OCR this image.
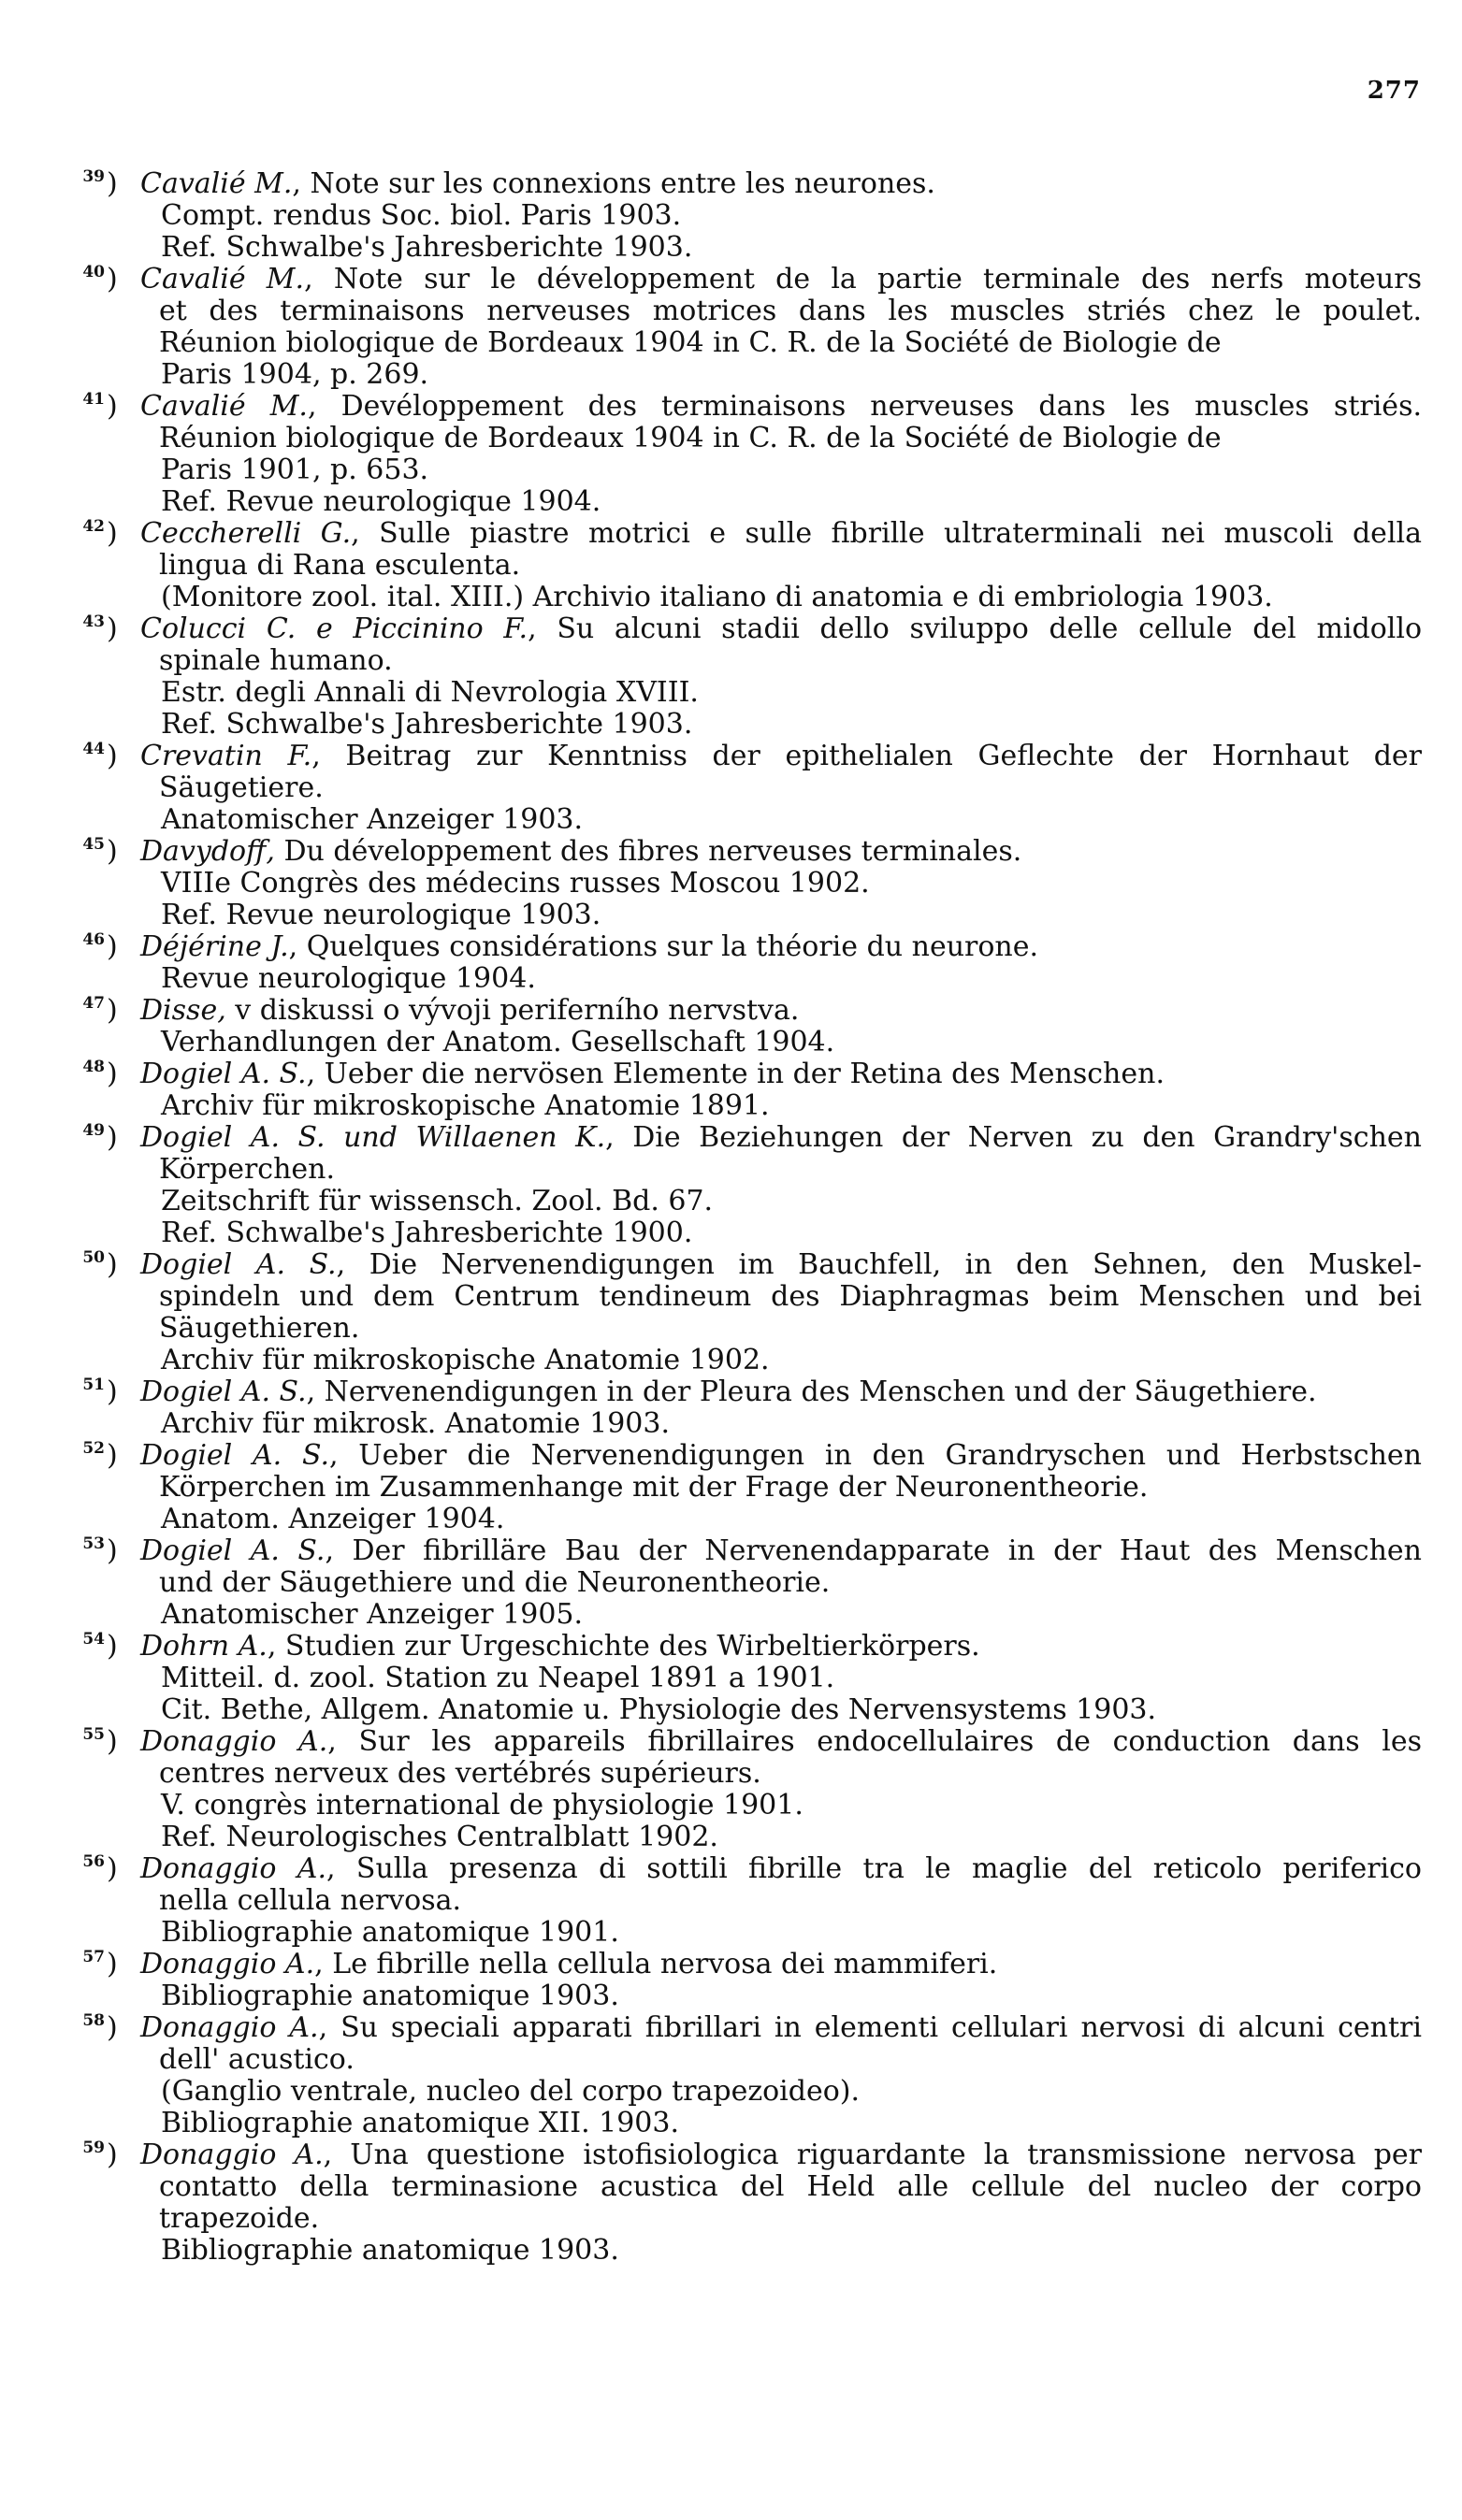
277
39 ) Cavalié M., Note sur les connexions entre les neurones.

Compt. rendus Soc. biol. Paris 1903.

Ref. Schwalbe's Jahresberichte 1903.

40 ) Cavalié M., Note sur le développement de la partie terminale des nerfs moteurs

et des terminaisons nerveuses motrices dans les muscles striés chez le poulet.

Réunion biologique de Bordeaux 1904 in C. R. de la Société de Biologie de

Paris 1904, p. 269.

41 ) Cavalié M., Devéloppement des terminaisons nerveuses dans les muscles striés.

Réunion biologique de Bordeaux 1904 in C. R. de la Société de Biologie de

Paris 1901, p. 653.

Ref. Revue neurologique 1904.

42 ) Ceccherelli G., Sulle piastre motrici e sulle fibrille ultraterminali nei muscoli della

lingua di Rana esculenta.

(Monitore zool. ital. XIII.) Archivio italiano di anatomia e di embriologia 1903.

43 ) Colucci C. e Piccinino F., Su alcuni stadii dello sviluppo delle cellule del midollo

spinale humano.

Estr. degli Annali di Nevrologia XVIII.

Ref. Schwalbe's Jahresberichte 1903.

44 ) Crevatin F., Beitrag zur Kenntniss der epithelialen Geflechte der Hornhaut der

Säugetiere.

Anatomischer Anzeiger 1903.

45 ) Davydoff, Du développement des fibres nerveuses terminales.

VIIIe Congrès des médecins russes Moscou 1902.

Ref. Revue neurologique 1903.

46 ) Déjérine J., Quelques considérations sur la théorie du neurone.

Revue neurologique 1904.

47 ) Disse, v diskussi o vývoji periferního nervstva.

Verhandlungen der Anatom. Gesellschaft 1904.

48 ) Dogiel A. S., Ueber die nervösen Elemente in der Retina des Menschen.

Archiv für mikroskopische Anatomie 1891.

49 ) Dogiel A. S. und Willaenen K., Die Beziehungen der Nerven zu den Grandry'schen

Körperchen.

Zeitschrift für wissensch. Zool. Bd. 67.

Ref. Schwalbe's Jahresberichte 1900.

50 ) Dogiel A. S., Die Nervenendigungen im Bauchfell, in den Sehnen, den Muskel-

spindeln und dem Centrum tendineum des Diaphragmas beim Menschen und bei

Säugethieren.

Archiv für mikroskopische Anatomie 1902.

51 ) Dogiel A. S., Nervenendigungen in der Pleura des Menschen und der Säugethiere.

Archiv für mikrosk. Anatomie 1903.

52 ) Dogiel A. S., Ueber die Nervenendigungen in den Grandryschen und Herbstschen

Körperchen im Zusammenhange mit der Frage der Neuronentheorie.

Anatom. Anzeiger 1904.

53 ) Dogiel A. S., Der fibrilläre Bau der Nervenendapparate in der Haut des Menschen

und der Säugethiere und die Neuronentheorie.

Anatomischer Anzeiger 1905.

54 ) Dohrn A., Studien zur Urgeschichte des Wirbeltierkörpers.

Mitteil. d. zool. Station zu Neapel 1891 a 1901.

Cit. Bethe, Allgem. Anatomie u. Physiologie des Nervensystems 1903.

55 ) Donaggio A., Sur les appareils fibrillaires endocellulaires de conduction dans les

centres nerveux des vertébrés supérieurs.

V. congrès international de physiologie 1901.

Ref. Neurologisches Centralblatt 1902.

56 ) Donaggio A., Sulla presenza di sottili fibrille tra le maglie del reticolo periferico

nella cellula nervosa.

Bibliographie anatomique 1901.

57 ) Donaggio A., Le fibrille nella cellula nervosa dei mammiferi.

Bibliographie anatomique 1903.

58 ) Donaggio A., Su speciali apparati fibrillari in elementi cellulari nervosi di alcuni centri

dell' acustico.

(Ganglio ventrale, nucleo del corpo trapezoideo).

Bibliographie anatomique XII. 1903.

59 ) Donaggio A., Una questione istofisiologica riguardante la transmissione nervosa per

contatto della terminasione acustica del Held alle cellule del nucleo der corpo

trapezoide.

Bibliographie anatomique 1903.
